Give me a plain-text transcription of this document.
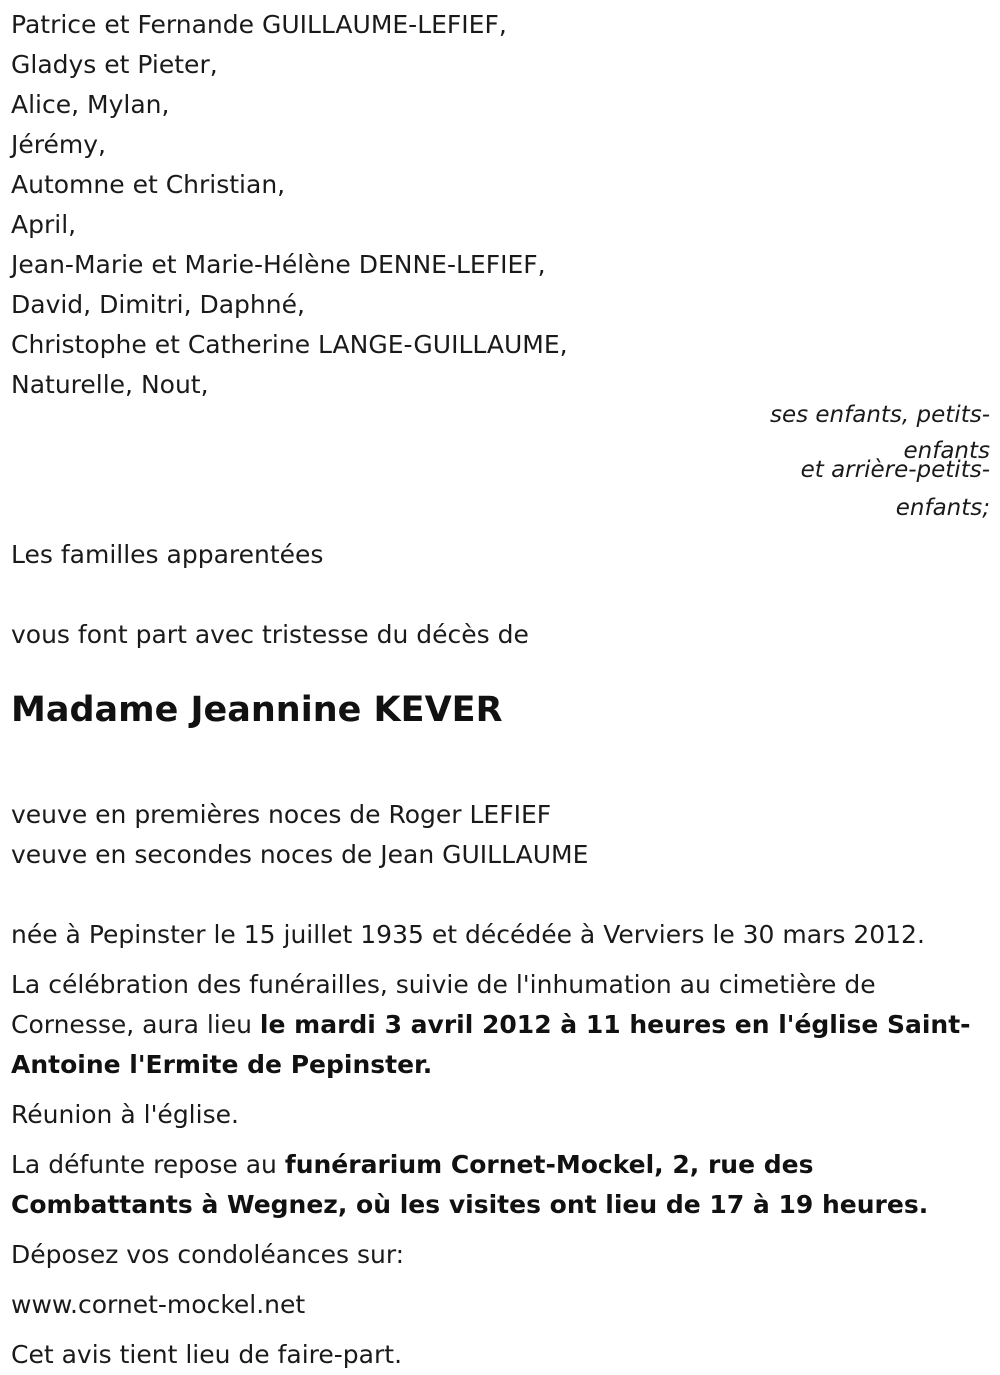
Patrice et Fernande GUILLAUME-LEFIEF,
Gladys et Pieter,
Alice, Mylan,
Jérémy,
Automne et Christian,
April,
Jean-Marie et Marie-Hélène DENNE-LEFIEF,
David, Dimitri, Daphné,
Christophe et Catherine LANGE-GUILLAUME,
Naturelle, Nout,
ses enfants, petits-
enfants
et arrière-petits-
enfants;
Les familles apparentées
vous font part avec tristesse du décès de
Madame Jeannine KEVER
veuve en premières noces de Roger LEFIEF
veuve en secondes noces de Jean GUILLAUME
née à Pepinster le 15 juillet 1935 et décédée à Verviers le 30 mars 2012.
La célébration des funérailles, suivie de l'inhumation au cimetière de Cornesse, aura lieu le mardi 3 avril 2012 à 11 heures en l'église Saint-Antoine l'Ermite de Pepinster.
Réunion à l'église.
La défunte repose au funérarium Cornet-Mockel, 2, rue des Combattants à Wegnez, où les visites ont lieu de 17 à 19 heures.
Déposez vos condoléances sur:
www.cornet-mockel.net
Cet avis tient lieu de faire-part.
